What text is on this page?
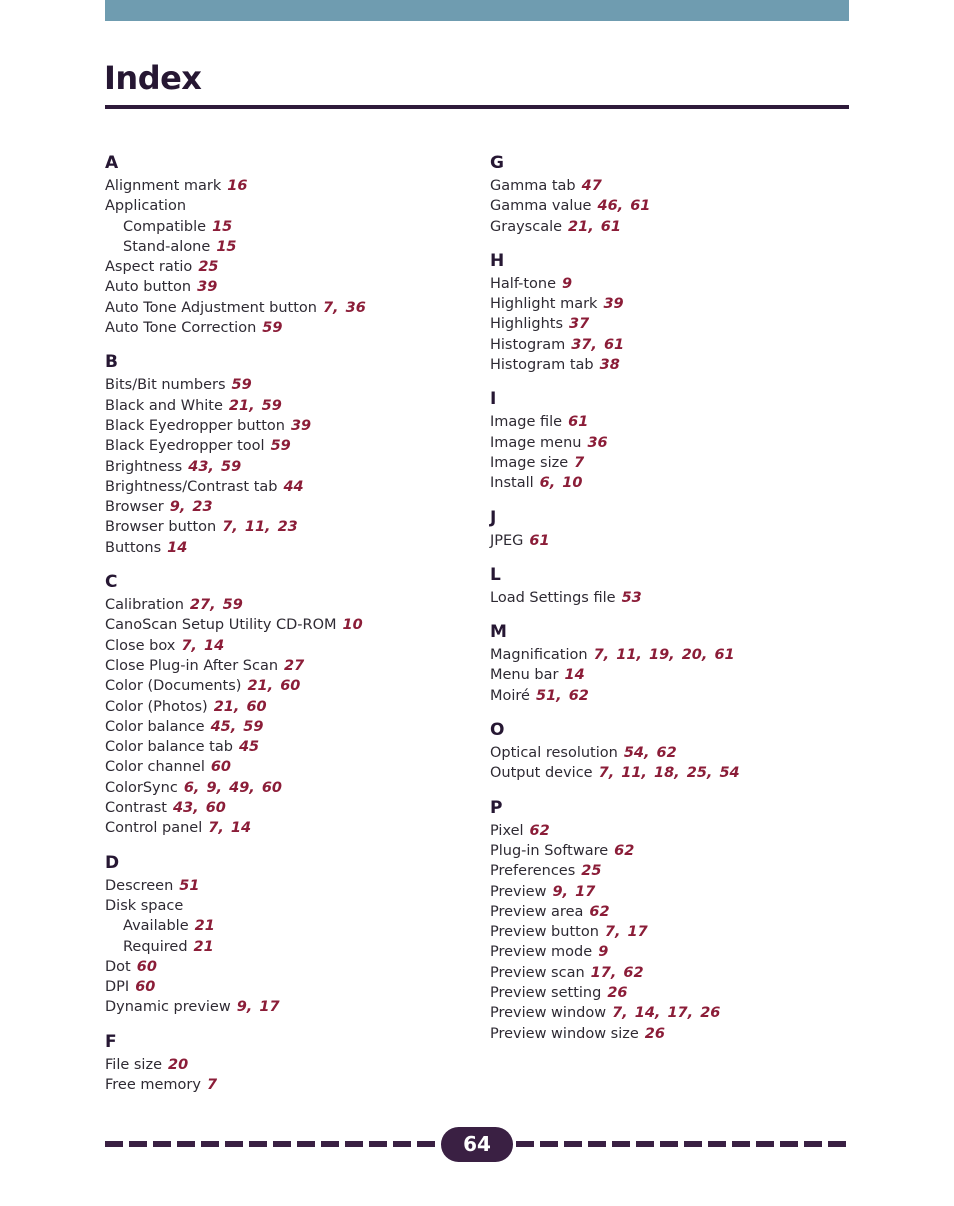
Index
A
Alignment mark 16
Application
Compatible 15
Stand-alone 15
Aspect ratio 25
Auto button 39
Auto Tone Adjustment button 7, 36
Auto Tone Correction 59
B
Bits/Bit numbers 59
Black and White 21, 59
Black Eyedropper button 39
Black Eyedropper tool 59
Brightness 43, 59
Brightness/Contrast tab 44
Browser 9, 23
Browser button 7, 11, 23
Buttons 14
C
Calibration 27, 59
CanoScan Setup Utility CD-ROM 10
Close box 7, 14
Close Plug-in After Scan 27
Color (Documents) 21, 60
Color (Photos) 21, 60
Color balance 45, 59
Color balance tab 45
Color channel 60
ColorSync 6, 9, 49, 60
Contrast 43, 60
Control panel 7, 14
D
Descreen 51
Disk space
Available 21
Required 21
Dot 60
DPI 60
Dynamic preview 9, 17
F
File size 20
Free memory 7
G
Gamma tab 47
Gamma value 46, 61
Grayscale 21, 61
H
Half-tone 9
Highlight mark 39
Highlights 37
Histogram 37, 61
Histogram tab 38
I
Image file 61
Image menu 36
Image size 7
Install 6, 10
J
JPEG 61
L
Load Settings file 53
M
Magnification 7, 11, 19, 20, 61
Menu bar 14
Moiré 51, 62
O
Optical resolution 54, 62
Output device 7, 11, 18, 25, 54
P
Pixel 62
Plug-in Software 62
Preferences 25
Preview 9, 17
Preview area 62
Preview button 7, 17
Preview mode 9
Preview scan 17, 62
Preview setting 26
Preview window 7, 14, 17, 26
Preview window size 26
64
